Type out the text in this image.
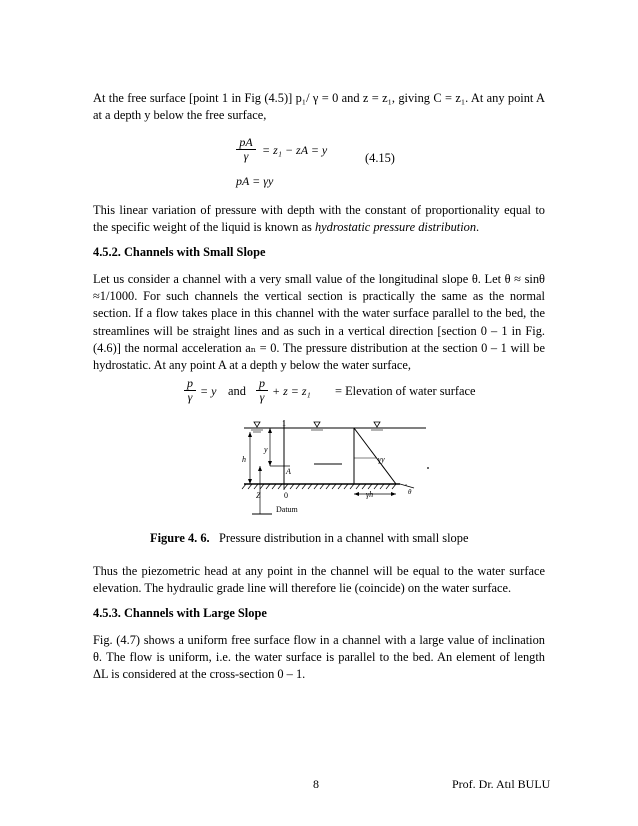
At the free surface [point 1 in Fig (4.5)] p₁/ γ = 0 and z = z₁, giving C = z₁. At any point A at a depth y below the free surface,

$\frac{pA}{\gamma} = z_1$ − zA = y
(4.15)
pA = γy

This linear variation of pressure with depth with the constant of proportionality equal to the specific weight of the liquid is known as hydrostatic pressure distribution.

4.5.2. Channels with Small Slope

Let us consider a channel with a very small value of the longitudinal slope θ. Let θ ≈ sinθ ≈1/1000. For such channels the vertical section is practically the same as the normal section. If a flow takes place in this channel with the water surface parallel to the bed, the streamlines will be straight lines and as such in a vertical direction [section 0 – 1 in Fig. (4.6)] the normal acceleration aₙ = 0. The pressure distribution at the section 0 – 1 will be hydrostatic. At any point A at a depth y below the water surface,

$\frac{p}{\gamma} = y$ and $\frac{p}{\gamma} + z = z_1$ = Elevation of water surface
1
y
h
A
γy
Z	0	γh	θ
Datum
Figure 4. 6. Pressure distribution in a channel with small slope

Thus the piezometric head at any point in the channel will be equal to the water surface elevation. The hydraulic grade line will therefore lie (coincide) on the water surface.

4.5.3. Channels with Large Slope

Fig. (4.7) shows a uniform free surface flow in a channel with a large value of inclination θ. The flow is uniform, i.e. the water surface is parallel to the bed. An element of length ΔL is considered at the cross-section 0 – 1.

8	Prof. Dr. Atıl BULU
